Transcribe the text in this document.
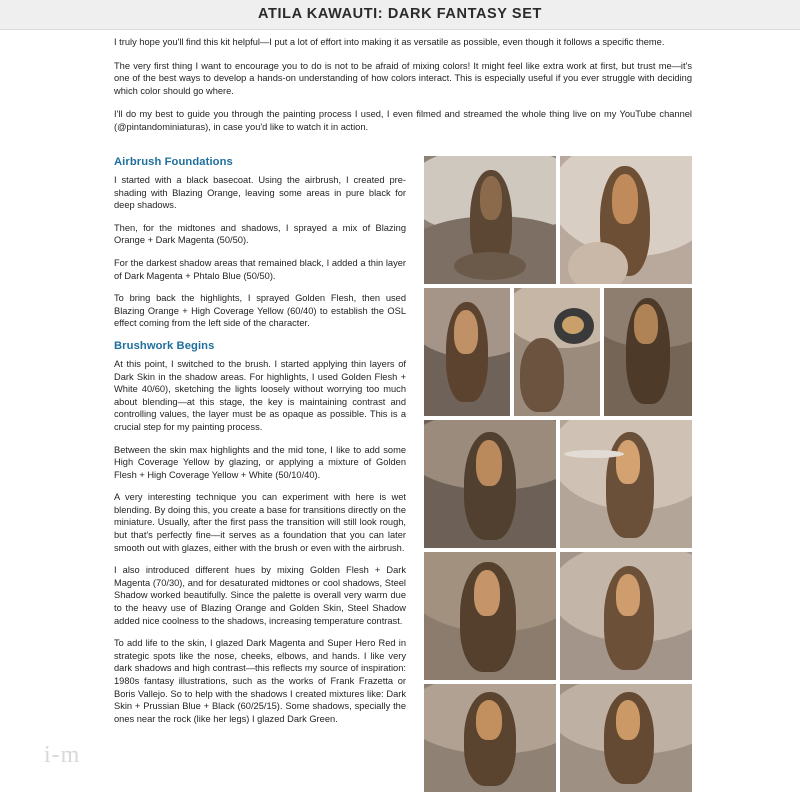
ATILA KAWAUTI: DARK FANTASY SET

I truly hope you'll find this kit helpful—I put a lot of effort into making it as versatile as possible, even though it follows a specific theme.

The very first thing I want to encourage you to do is not to be afraid of mixing colors! It might feel like extra work at first, but trust me—it's one of the best ways to develop a hands-on understanding of how colors interact. This is especially useful if you ever struggle with deciding which color should go where.

I'll do my best to guide you through the painting process I used, I even filmed and streamed the whole thing live on my YouTube channel (@pintandominiaturas), in case you'd like to watch it in action.

Airbrush Foundations

I started with a black basecoat. Using the airbrush, I created pre-shading with Blazing Orange, leaving some areas in pure black for deep shadows.

Then, for the midtones and shadows, I sprayed a mix of Blazing Orange + Dark Magenta (50/50).

For the darkest shadow areas that remained black, I added a thin layer of Dark Magenta + Phtalo Blue (50/50).

To bring back the highlights, I sprayed Golden Flesh, then used Blazing Orange + High Coverage Yellow (60/40) to establish the OSL effect coming from the left side of the character.

Brushwork Begins

At this point, I switched to the brush. I started applying thin layers of Dark Skin in the shadow areas. For highlights, I used Golden Flesh + White 40/60), sketching the lights loosely without worrying too much about blending—at this stage, the key is maintaining contrast and controlling values, the layer must be as opaque as possible. This is a crucial step for my painting process.

Between the skin max highlights and the mid tone, I like to add some High Coverage Yellow by glazing, or applying a mixture of Golden Flesh + High Coverage Yellow + White (50/10/40).

A very interesting technique you can experiment with here is wet blending. By doing this, you create a base for transitions directly on the miniature. Usually, after the first pass the transition will still look rough, but that's perfectly fine—it serves as a foundation that you can later smooth out with glazes, either with the brush or even with the airbrush.

I also introduced different hues by mixing Golden Flesh + Dark Magenta (70/30), and for desaturated midtones or cool shadows, Steel Shadow worked beautifully. Since the palette is overall very warm due to the heavy use of Blazing Orange and Golden Skin, Steel Shadow added nice coolness to the shadows, increasing temperature contrast.

To add life to the skin, I glazed Dark Magenta and Super Hero Red in strategic spots like the nose, cheeks, elbows, and hands. I like very dark shadows and high contrast—this reflects my source of inspiration: 1980s fantasy illustrations, such as the works of Frank Frazetta or Boris Vallejo. So to help with the shadows I created mixtures like: Dark Skin + Prussian Blue + Black (60/25/15). Some shadows, specially the ones near the rock (like her legs) I glazed Dark Green.

i-m
